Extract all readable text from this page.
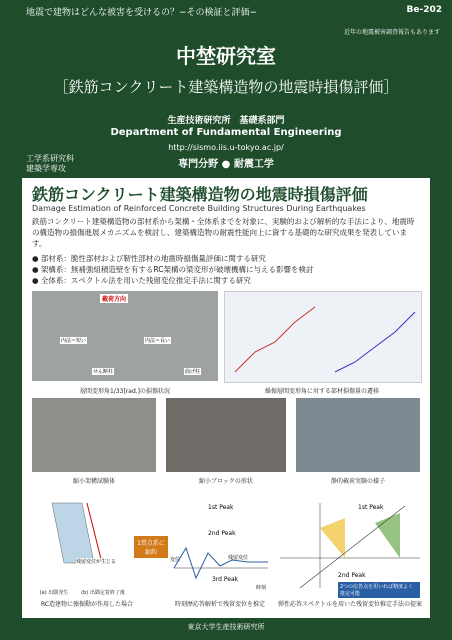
地震で建物はどんな被害を受けるの？−その検証と評価−	Be-202
近年の地震被害調査報告もあります
中埜研究室
［鉄筋コンクリート建築構造物の地震時損傷評価］
生産技術研究所　基礎系部門
Department of Fundamental Engineering
http://sismo.iis.u-tokyo.ac.jp/
工学系研究科
建築学専攻	専門分野 ● 耐震工学
鉄筋コンクリート建築構造物の地震時損傷評価
Damage Estimation of Reinforced Concrete Building Structures During Earthquakes
鉄筋コンクリート建築構造物の部材系から架構・全体系までを対象に、実験的および解析的な手法により、地震時の構造物の損傷進展メカニズムを検討し、建築構造物の耐震性能向上に資する基礎的な研究成果を発表しています。
● 部材系：脆性部材および靭性部材の地震時損傷量評価に関する研究
● 架構系：無補強組積造壁を有するRC架構の梁変形が破壊機構に与える影響を検討
● 全体系：スペクトル法を用いた残留変位推定手法に関する研究
載荷方向
内法＝短い	内法＝長い
せん断柱	曲げ柱
層間変形角1/33[rad.]の損傷状況	繰振層間変形角に対する部材損傷量の遷移
縮小架構試験体	縮小ブロックの形状	静的載荷実験の様子
残留変位が生じる
1質点系に縮約
(a) 出隅発生	(b) 出隅定着終了後
RC造建物に強振動が作用した場合
1st Peak
2nd Peak
3rd Peak
変位	残留変位
時刻
時刻歴応答解析で残留変位を推定
1st Peak
2nd Peak
2つの応答点を用いれば精度よく推定可能
弾性応答スペクトルを用いた残留変位推定手法の提案
東京大学生産技術研究所
